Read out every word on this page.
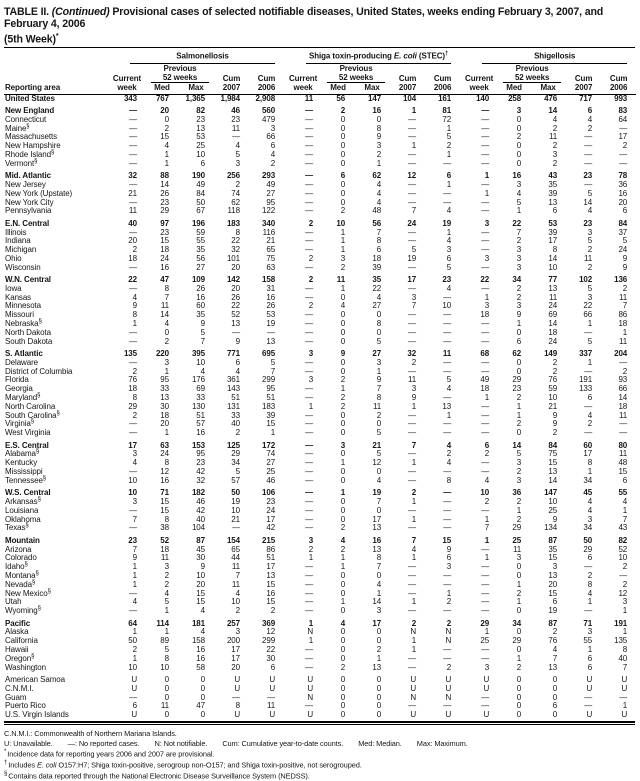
TABLE II. (Continued) Provisional cases of selected notifiable diseases, United States, weeks ending February 3, 2007, and February 4, 2006
(5th Week)*

	Salmonellosis					Shiga toxin-producing E. coli (STEC)†					Shigellosis				

		Previous					Previous					Previous			
	Current	52 weeks		Cum	Cum	Current	52 weeks		Cum	Cum	Current	52 weeks		Cum	Cum
Reporting area	week	Med	Max	2007	2006	week	Med	Max	2007	2006	week	Med	Max	2007	2006
United States	343	767	1,365	1,984	2,908	11	56	147	104	161	140	258	476	717	993
New England	—	20	82	46	560	—	2	16	1	81	—	3	14	6	83
Connecticut	—	0	23	23	479	—	0	0	—	72	—	0	4	4	64
Maine§	—	2	13	11	3	—	0	8	—	1	—	0	2	2	—
Massachusetts	—	15	53	—	66	—	0	9	—	5	—	2	11	—	17
New Hampshire	—	4	25	4	6	—	0	3	1	2	—	0	2	—	2
Rhode Island§	—	1	10	5	4	—	0	2	—	1	—	0	3	—	—
Vermont§	—	1	6	3	2	—	0	1	—	—	—	0	2	—	—
Mid. Atlantic	32	88	190	256	293	—	6	62	12	6	1	16	43	23	78
New Jersey	—	14	49	2	49	—	0	4	—	1	—	3	35	—	36
New York (Upstate)	21	26	84	74	27	—	0	4	—	—	1	4	39	5	16
New York City	—	23	50	62	95	—	0	4	—	—	—	5	13	14	20
Pennsylvania	11	29	67	118	122	—	2	48	7	4	—	1	6	4	6
E.N. Central	40	97	196	183	340	2	10	56	24	19	3	22	53	23	84
Illinois	—	23	59	8	116	—	1	7	—	1	—	7	39	3	37
Indiana	20	15	55	22	21	—	1	8	—	4	—	2	17	5	5
Michigan	2	18	35	32	65	—	1	6	5	3	—	3	8	2	24
Ohio	18	24	56	101	75	2	3	18	19	6	3	3	14	11	9
Wisconsin	—	16	27	20	63	—	2	39	—	5	—	3	10	2	9
W.N. Central	22	47	109	142	158	2	11	35	17	23	22	34	77	102	136
Iowa	—	8	26	20	31	—	1	22	—	4	—	2	13	5	2
Kansas	4	7	16	26	16	—	0	4	3	—	1	2	11	3	11
Minnesota	9	11	60	22	26	2	4	27	7	10	3	3	24	22	7
Missouri	8	14	35	52	53	—	0	0	—	—	18	9	69	66	86
Nebraska§	1	4	9	13	19	—	0	8	—	—	—	1	14	1	18
North Dakota	—	0	5	—	—	—	0	0	—	—	—	0	18	—	1
South Dakota	—	2	7	9	13	—	0	5	—	—	—	6	24	5	11
S. Atlantic	135	220	395	771	695	3	9	27	32	11	68	62	149	337	204
Delaware	—	3	10	6	5	—	0	3	2	—	—	0	2	1	—
District of Columbia	2	1	4	4	7	—	0	1	—	—	—	0	2	—	2
Florida	76	95	176	361	299	3	2	9	11	5	49	29	76	191	93
Georgia	18	33	69	143	95	—	1	7	3	4	18	23	59	133	66
Maryland§	8	13	33	51	51	—	2	8	9	—	1	2	10	6	14
North Carolina	29	30	130	131	183	1	2	11	1	13	—	1	21	—	18
South Carolina§	2	18	51	33	39	—	0	2	—	1	—	1	9	4	11
Virginia§	—	20	57	40	15	—	0	0	—	—	—	2	9	2	—
West Virginia	—	1	16	2	1	—	0	5	—	—	—	0	2	—	—
E.S. Central	17	63	153	125	172	—	3	21	7	4	6	14	84	60	80
Alabama§	3	24	95	29	74	—	0	5	—	2	2	5	75	17	11
Kentucky	4	8	23	34	27	—	1	12	1	4	—	3	15	8	48
Mississippi	—	12	42	5	25	—	0	0	—	—	—	2	13	1	15
Tennessee§	10	16	32	57	46	—	0	4	—	8	4	3	14	34	6
W.S. Central	10	71	182	50	106	—	1	19	2	—	10	36	147	45	55
Arkansas§	3	15	46	19	23	—	0	7	1	—	2	2	10	4	4
Louisiana	—	15	42	10	24	—	0	0	—	—	—	1	25	4	1
Oklahoma	7	8	40	21	17	—	0	17	1	—	1	2	9	3	7
Texas§	—	38	104	—	42	—	2	13	—	—	7	29	134	34	43
Mountain	23	52	87	154	215	3	4	16	7	15	1	25	87	50	82
Arizona	7	18	45	65	86	2	2	13	4	9	—	11	35	29	52
Colorado	9	11	30	44	51	1	1	8	1	6	1	3	15	6	10
Idaho§	1	3	9	11	17	—	1	7	—	3	—	0	3	—	2
Montana§	1	2	10	7	13	—	0	0	—	—	—	0	13	2	—
Nevada§	1	2	20	11	15	—	0	4	—	—	—	1	20	8	2
New Mexico§	—	4	15	4	16	—	0	1	—	1	—	2	15	4	12
Utah	4	5	15	10	15	—	1	14	1	2	—	1	6	1	3
Wyoming§	—	1	4	2	2	—	0	3	—	—	—	0	19	—	1
Pacific	64	114	181	257	369	1	4	17	2	2	29	34	87	71	191
Alaska	1	1	4	3	12	N	0	0	N	N	1	0	2	3	1
California	50	89	158	200	299	1	0	0	1	N	25	29	76	55	135
Hawaii	2	5	16	17	22	—	0	2	1	—	—	0	4	1	8
Oregon§	1	8	16	17	30	—	0	1	—	—	—	1	7	6	40
Washington	10	10	58	20	6	—	2	13	—	2	3	2	13	6	7
American Samoa	U	0	0	U	U	U	0	0	U	U	U	0	0	U	U
C.N.M.I.	U	0	0	U	U	U	0	0	U	U	U	0	0	U	U
Guam	—	0	0	—	—	N	0	0	N	N	—	0	0	—	—
Puerto Rico	6	11	47	8	11	—	0	0	—	—	—	0	6	—	1
U.S. Virgin Islands	U	0	0	U	U	U	0	0	U	U	U	0	0	U	U
C.N.M.I.: Commonwealth of Northern Mariana Islands.
U: Unavailable. —: No reported cases. N: Not notifiable. Cum: Cumulative year-to-date counts. Med: Median. Max: Maximum.
*Incidence data for reporting years 2006 and 2007 are provisional.
†Includes E. coli O157:H7; Shiga toxin-positive, serogroup non-O157; and Shiga toxin-positive, not serogrouped.
§Contains data reported through the National Electronic Disease Surveillance System (NEDSS).
